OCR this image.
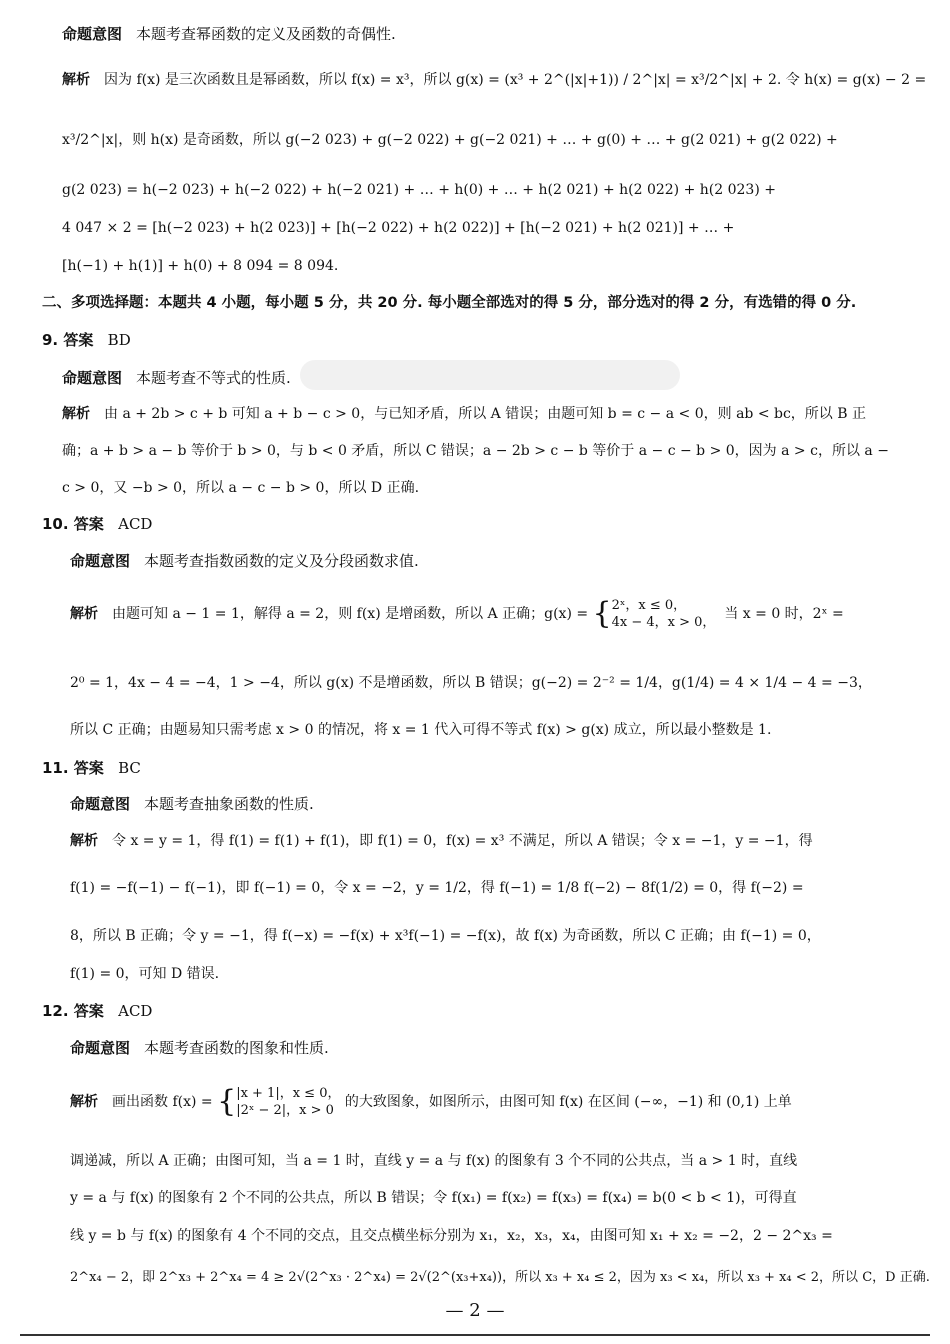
命题意图 本题考查幂函数的定义及函数的奇偶性.
解析 因为 f(x) 是三次函数且是幂函数，所以 f(x) = x³，所以 g(x) = (x³ + 2^(|x|+1)) / 2^|x| = x³/2^|x| + 2. 令 h(x) = g(x) − 2 =
x³/2^|x|，则 h(x) 是奇函数，所以 g(−2 023) + g(−2 022) + g(−2 021) + … + g(0) + … + g(2 021) + g(2 022) +
g(2 023) = h(−2 023) + h(−2 022) + h(−2 021) + … + h(0) + … + h(2 021) + h(2 022) + h(2 023) +
4 047 × 2 = [h(−2 023) + h(2 023)] + [h(−2 022) + h(2 022)] + [h(−2 021) + h(2 021)] + … +
[h(−1) + h(1)] + h(0) + 8 094 = 8 094.
二、多项选择题：本题共 4 小题，每小题 5 分，共 20 分. 每小题全部选对的得 5 分，部分选对的得 2 分，有选错的得 0 分.
9. 答案 BD
命题意图 本题考查不等式的性质.
解析 由 a + 2b > c + b 可知 a + b − c > 0，与已知矛盾，所以 A 错误；由题可知 b = c − a < 0，则 ab < bc，所以 B 正
确；a + b > a − b 等价于 b > 0，与 b < 0 矛盾，所以 C 错误；a − 2b > c − b 等价于 a − c − b > 0，因为 a > c，所以 a −
c > 0，又 −b > 0，所以 a − c − b > 0，所以 D 正确.
10. 答案 ACD
命题意图 本题考查指数函数的定义及分段函数求值.
解析 由题可知 a − 1 = 1，解得 a = 2，则 f(x) 是增函数，所以 A 正确；g(x) = { 2ˣ，x ≤ 0，
4x − 4，x > 0，
当 x = 0 时，2ˣ =
2⁰ = 1，4x − 4 = −4，1 > −4，所以 g(x) 不是增函数，所以 B 错误；g(−2) = 2⁻² = 1/4，g(1/4) = 4 × 1/4 − 4 = −3，
所以 C 正确；由题易知只需考虑 x > 0 的情况，将 x = 1 代入可得不等式 f(x) > g(x) 成立，所以最小整数是 1.
11. 答案 BC
命题意图 本题考查抽象函数的性质.
解析 令 x = y = 1，得 f(1) = f(1) + f(1)，即 f(1) = 0，f(x) = x³ 不满足，所以 A 错误；令 x = −1，y = −1，得
f(1) = −f(−1) − f(−1)，即 f(−1) = 0，令 x = −2，y = 1/2，得 f(−1) = 1/8 f(−2) − 8f(1/2) = 0，得 f(−2) =
8，所以 B 正确；令 y = −1，得 f(−x) = −f(x) + x³f(−1) = −f(x)，故 f(x) 为奇函数，所以 C 正确；由 f(−1) = 0，
f(1) = 0，可知 D 错误.
12. 答案 ACD
命题意图 本题考查函数的图象和性质.
解析 画出函数 f(x) = { |x + 1|，x ≤ 0，
|2ˣ − 2|，x > 0
的大致图象，如图所示，由图可知 f(x) 在区间 (−∞，−1) 和 (0,1) 上单
调递减，所以 A 正确；由图可知，当 a = 1 时，直线 y = a 与 f(x) 的图象有 3 个不同的公共点，当 a > 1 时，直线
y = a 与 f(x) 的图象有 2 个不同的公共点，所以 B 错误；令 f(x₁) = f(x₂) = f(x₃) = f(x₄) = b(0 < b < 1)，可得直
线 y = b 与 f(x) 的图象有 4 个不同的交点，且交点横坐标分别为 x₁，x₂，x₃，x₄，由图可知 x₁ + x₂ = −2，2 − 2^x₃ =
2^x₄ − 2，即 2^x₃ + 2^x₄ = 4 ≥ 2√(2^x₃ · 2^x₄) = 2√(2^(x₃+x₄))，所以 x₃ + x₄ ≤ 2，因为 x₃ < x₄，所以 x₃ + x₄ < 2，所以 C，D 正确.
— 2 —
